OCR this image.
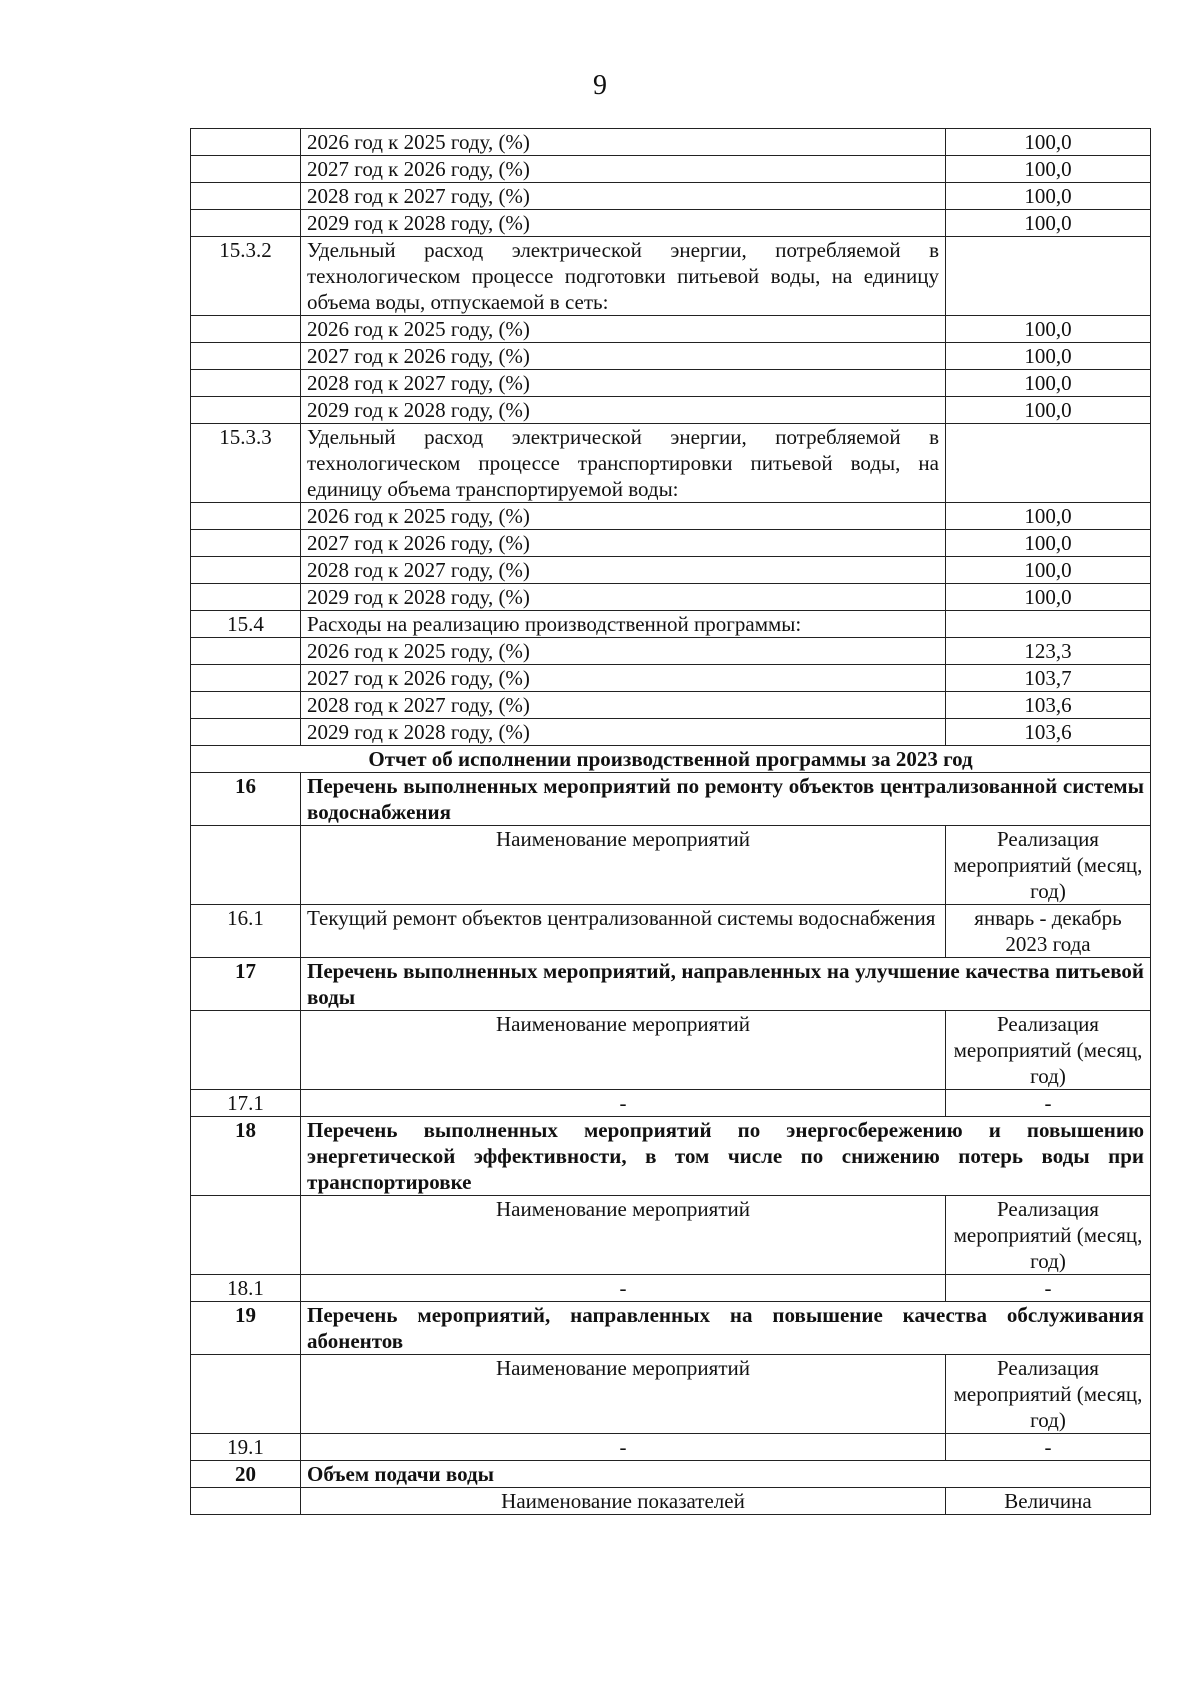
9
	2026 год к 2025 году, (%)	100,0
	2027 год к 2026 году, (%)	100,0
	2028 год к 2027 году, (%)	100,0
	2029 год к 2028 году, (%)	100,0
15.3.2	Удельный расход электрической энергии, потребляемой в технологическом процессе подготовки питьевой воды, на единицу объема воды, отпускаемой в сеть:	
	2026 год к 2025 году, (%)	100,0
	2027 год к 2026 году, (%)	100,0
	2028 год к 2027 году, (%)	100,0
	2029 год к 2028 году, (%)	100,0
15.3.3	Удельный расход электрической энергии, потребляемой в технологическом процессе транспортировки питьевой воды, на единицу объема транспортируемой воды:	
	2026 год к 2025 году, (%)	100,0
	2027 год к 2026 году, (%)	100,0
	2028 год к 2027 году, (%)	100,0
	2029 год к 2028 году, (%)	100,0
15.4	Расходы на реализацию производственной программы:	
	2026 год к 2025 году, (%)	123,3
	2027 год к 2026 году, (%)	103,7
	2028 год к 2027 году, (%)	103,6
	2029 год к 2028 году, (%)	103,6
Отчет об исполнении производственной программы за 2023 год		
16	Перечень выполненных мероприятий по ремонту объектов централизованной системы водоснабжения	
	Наименование мероприятий	Реализация мероприятий (месяц, год)
16.1	Текущий ремонт объектов централизованной системы водоснабжения	январь - декабрь 2023 года
17	Перечень выполненных мероприятий, направленных на улучшение качества питьевой воды	
	Наименование мероприятий	Реализация мероприятий (месяц, год)
17.1	-	-
18	Перечень выполненных мероприятий по энергосбережению и повышению энергетической эффективности, в том числе по снижению потерь воды при транспортировке	
	Наименование мероприятий	Реализация мероприятий (месяц, год)
18.1	-	-
19	Перечень мероприятий, направленных на повышение качества обслуживания абонентов	
	Наименование мероприятий	Реализация мероприятий (месяц, год)
19.1	-	-
20	Объем подачи воды	
	Наименование показателей	Величина
